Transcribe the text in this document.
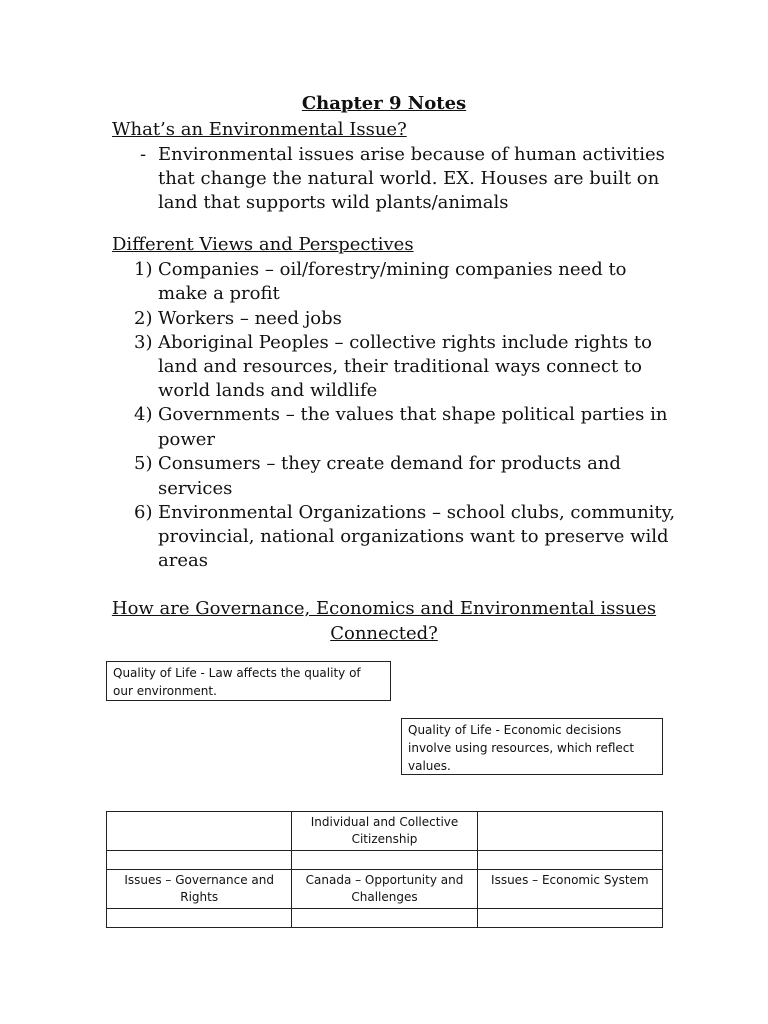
Chapter 9 Notes
What’s an Environmental Issue?
- Environmental issues arise because of human activities
that change the natural world. EX. Houses are built on
land that supports wild plants/animals
Different Views and Perspectives
1) Companies – oil/forestry/mining companies need to
make a profit
2) Workers – need jobs
3) Aboriginal Peoples – collective rights include rights to
land and resources, their traditional ways connect to
world lands and wildlife
4) Governments – the values that shape political parties in
power
5) Consumers – they create demand for products and
services
6) Environmental Organizations – school clubs, community,
provincial, national organizations want to preserve wild
areas
How are Governance, Economics and Environmental issues
Connected?
Quality of Life - Law affects the quality of our environment.
Quality of Life - Economic decisions involve using resources, which reflect values.
	Individual and Collective Citizenship	

Issues – Governance and Rights	Canada – Opportunity and Challenges	Issues – Economic System
